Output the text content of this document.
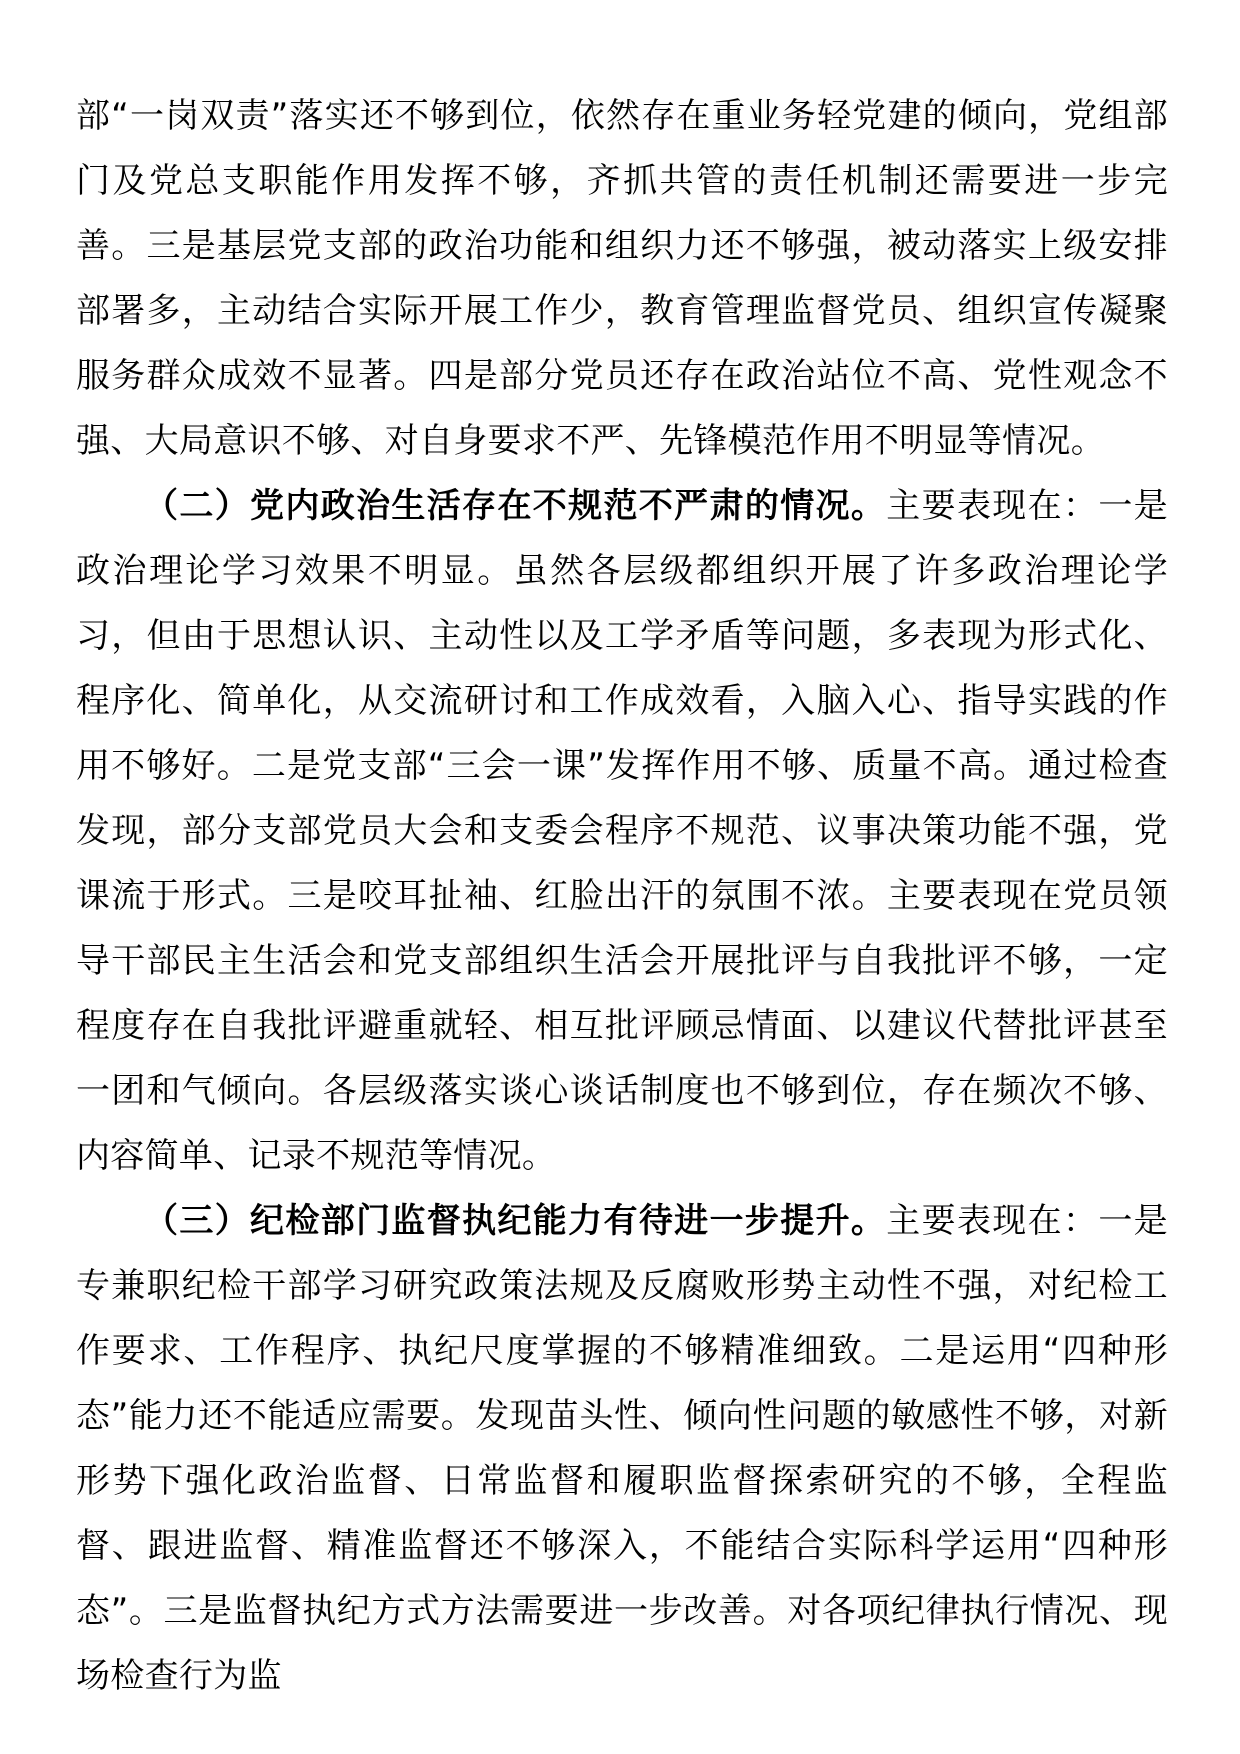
部“一岗双责”落实还不够到位，依然存在重业务轻党建的倾向，党组部门及党总支职能作用发挥不够，齐抓共管的责任机制还需要进一步完善。三是基层党支部的政治功能和组织力还不够强，被动落实上级安排部署多，主动结合实际开展工作少，教育管理监督党员、组织宣传凝聚服务群众成效不显著。四是部分党员还存在政治站位不高、党性观念不强、大局意识不够、对自身要求不严、先锋模范作用不明显等情况。

（二）党内政治生活存在不规范不严肃的情况。主要表现在：一是政治理论学习效果不明显。虽然各层级都组织开展了许多政治理论学习，但由于思想认识、主动性以及工学矛盾等问题，多表现为形式化、程序化、简单化，从交流研讨和工作成效看，入脑入心、指导实践的作用不够好。二是党支部“三会一课”发挥作用不够、质量不高。通过检查发现，部分支部党员大会和支委会程序不规范、议事决策功能不强，党课流于形式。三是咬耳扯袖、红脸出汗的氛围不浓。主要表现在党员领导干部民主生活会和党支部组织生活会开展批评与自我批评不够，一定程度存在自我批评避重就轻、相互批评顾忌情面、以建议代替批评甚至一团和气倾向。各层级落实谈心谈话制度也不够到位，存在频次不够、内容简单、记录不规范等情况。

（三）纪检部门监督执纪能力有待进一步提升。主要表现在：一是专兼职纪检干部学习研究政策法规及反腐败形势主动性不强，对纪检工作要求、工作程序、执纪尺度掌握的不够精准细致。二是运用“四种形态”能力还不能适应需要。发现苗头性、倾向性问题的敏感性不够，对新形势下强化政治监督、日常监督和履职监督探索研究的不够，全程监督、跟进监督、精准监督还不够深入，不能结合实际科学运用“四种形态”。三是监督执纪方式方法需要进一步改善。对各项纪律执行情况、现场检查行为监
